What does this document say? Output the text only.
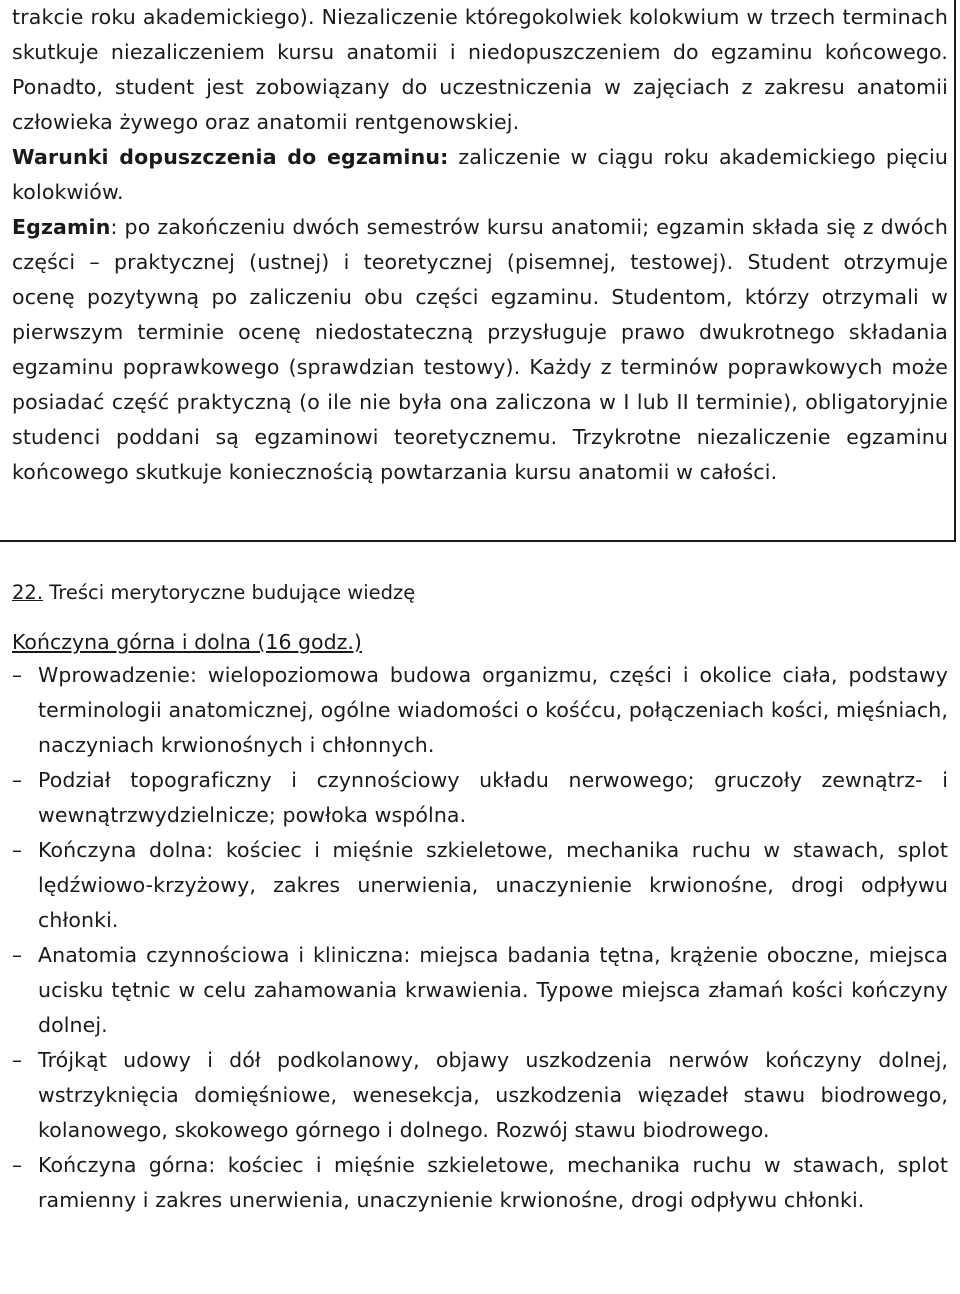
trakcie roku akademickiego). Niezaliczenie któregokolwiek kolokwium w trzech terminach skutkuje niezaliczeniem kursu anatomii i niedopuszczeniem do egzaminu końcowego. Ponadto, student jest zobowiązany do uczestniczenia w zajęciach z zakresu anatomii człowieka żywego oraz anatomii rentgenowskiej.

Warunki dopuszczenia do egzaminu: zaliczenie w ciągu roku akademickiego pięciu kolokwiów.

Egzamin: po zakończeniu dwóch semestrów kursu anatomii; egzamin składa się z dwóch części – praktycznej (ustnej) i teoretycznej (pisemnej, testowej). Student otrzymuje ocenę pozytywną po zaliczeniu obu części egzaminu. Studentom, którzy otrzymali w pierwszym terminie ocenę niedostateczną przysługuje prawo dwukrotnego składania egzaminu poprawkowego (sprawdzian testowy). Każdy z terminów poprawkowych może posiadać część praktyczną (o ile nie była ona zaliczona w I lub II terminie), obligatoryjnie studenci poddani są egzaminowi teoretycznemu. Trzykrotne niezaliczenie egzaminu końcowego skutkuje koniecznością powtarzania kursu anatomii w całości.

22. Treści merytoryczne budujące wiedzę
Kończyna górna i dolna (16 godz.)
– Wprowadzenie: wielopoziomowa budowa organizmu, części i okolice ciała, podstawy terminologii anatomicznej, ogólne wiadomości o kośćcu, połączeniach kości, mięśniach, naczyniach krwionośnych i chłonnych.
– Podział topograficzny i czynnościowy układu nerwowego; gruczoły zewnątrz- i wewnątrzwydzielnicze; powłoka wspólna.
– Kończyna dolna: kościec i mięśnie szkieletowe, mechanika ruchu w stawach, splot lędźwiowo-krzyżowy, zakres unerwienia, unaczynienie krwionośne, drogi odpływu chłonki.
– Anatomia czynnościowa i kliniczna: miejsca badania tętna, krążenie oboczne, miejsca ucisku tętnic w celu zahamowania krwawienia. Typowe miejsca złamań kości kończyny dolnej.
– Trójkąt udowy i dół podkolanowy, objawy uszkodzenia nerwów kończyny dolnej, wstrzyknięcia domięśniowe, wenesekcja, uszkodzenia więzadeł stawu biodrowego, kolanowego, skokowego górnego i dolnego. Rozwój stawu biodrowego.
– Kończyna górna: kościec i mięśnie szkieletowe, mechanika ruchu w stawach, splot ramienny i zakres unerwienia, unaczynienie krwionośne, drogi odpływu chłonki.
